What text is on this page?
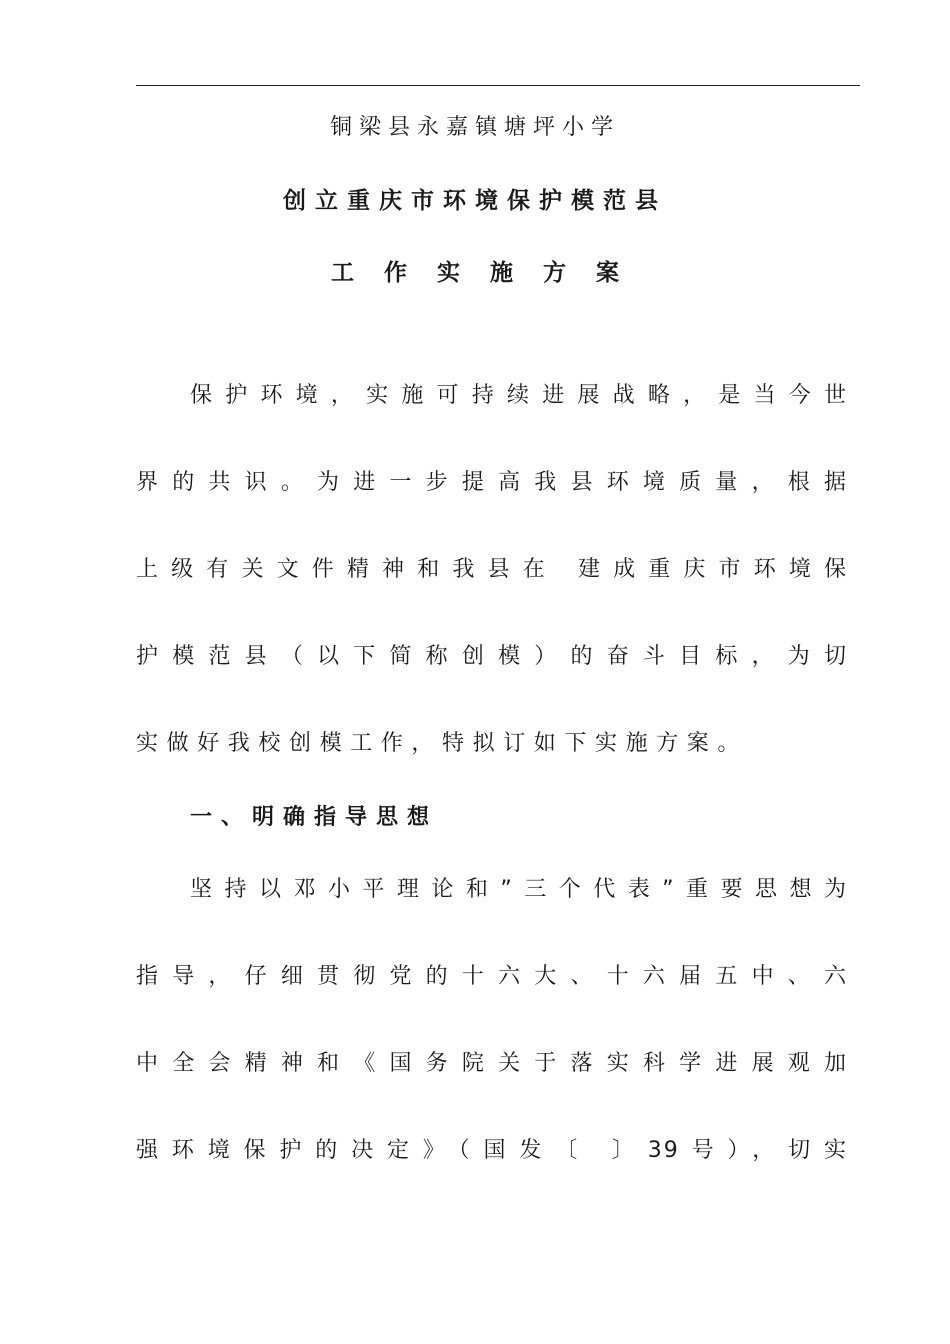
铜梁县永嘉镇塘坪小学
创立重庆市环境保护模范县
工作实施方案
保护环境，实施可持续进展战略，是当今世
界的共识。为进一步提高我县环境质量，根据
上级有关文件精神和我县在 建成重庆市环境保
护模范县（以下简称创模）的奋斗目标，为切
实做好我校创模工作，特拟订如下实施方案。
一、明确指导思想
坚持以邓小平理论和”三个代表”重要思想为
指导，仔细贯彻党的十六大、十六届五中、六
中全会精神和《国务院关于落实科学进展观加
强环境保护的决定》（国发〔 〕39号），切实
